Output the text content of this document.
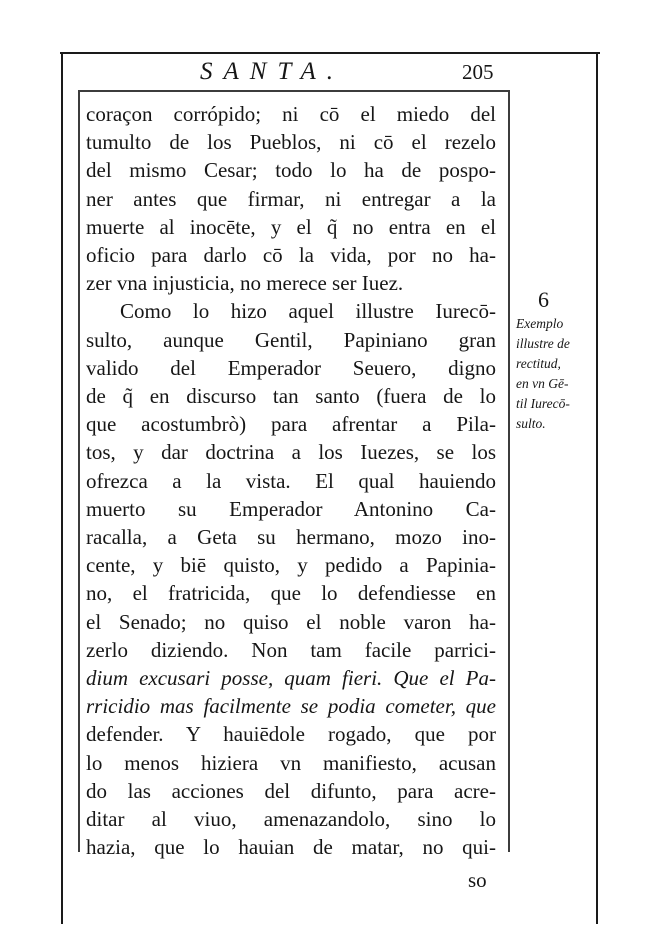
SANTA.	205
coraçon corrópido; ni cō el miedo del
tumulto de los Pueblos, ni cō el rezelo
del mismo Cesar; todo lo ha de pospo-
ner antes que firmar, ni entregar a la
muerte al inocēte, y el q̃ no entra en el
oficio para darlo cō la vida, por no ha-
zer vna injusticia, no merece ser Iuez.
Como lo hizo aquel illustre Iurecō-
sulto, aunque Gentil, Papiniano gran
valido del Emperador Seuero, digno
de q̃ en discurso tan santo (fuera de lo
que acostumbrò) para afrentar a Pila-
tos, y dar doctrina a los Iuezes, se los
ofrezca a la vista. El qual hauiendo
muerto su Emperador Antonino Ca-
racalla, a Geta su hermano, mozo ino-
cente, y biē quisto, y pedido a Papinia-
no, el fratricida, que lo defendiesse en
el Senado; no quiso el noble varon ha-
zerlo diziendo. Non tam facile parrici-
dium excusari posse, quam fieri. Que el Pa-
rricidio mas facilmente se podia cometer, que
defender. Y hauiēdole rogado, que por
lo menos hiziera vn manifiesto, acusan
do las acciones del difunto, para acre-
ditar al viuo, amenazandolo, sino lo
hazia, que lo hauian de matar, no qui-
6
Exemplo
illustre de
rectitud,
en vn Gē-
til Iurecō-
sulto.
so
